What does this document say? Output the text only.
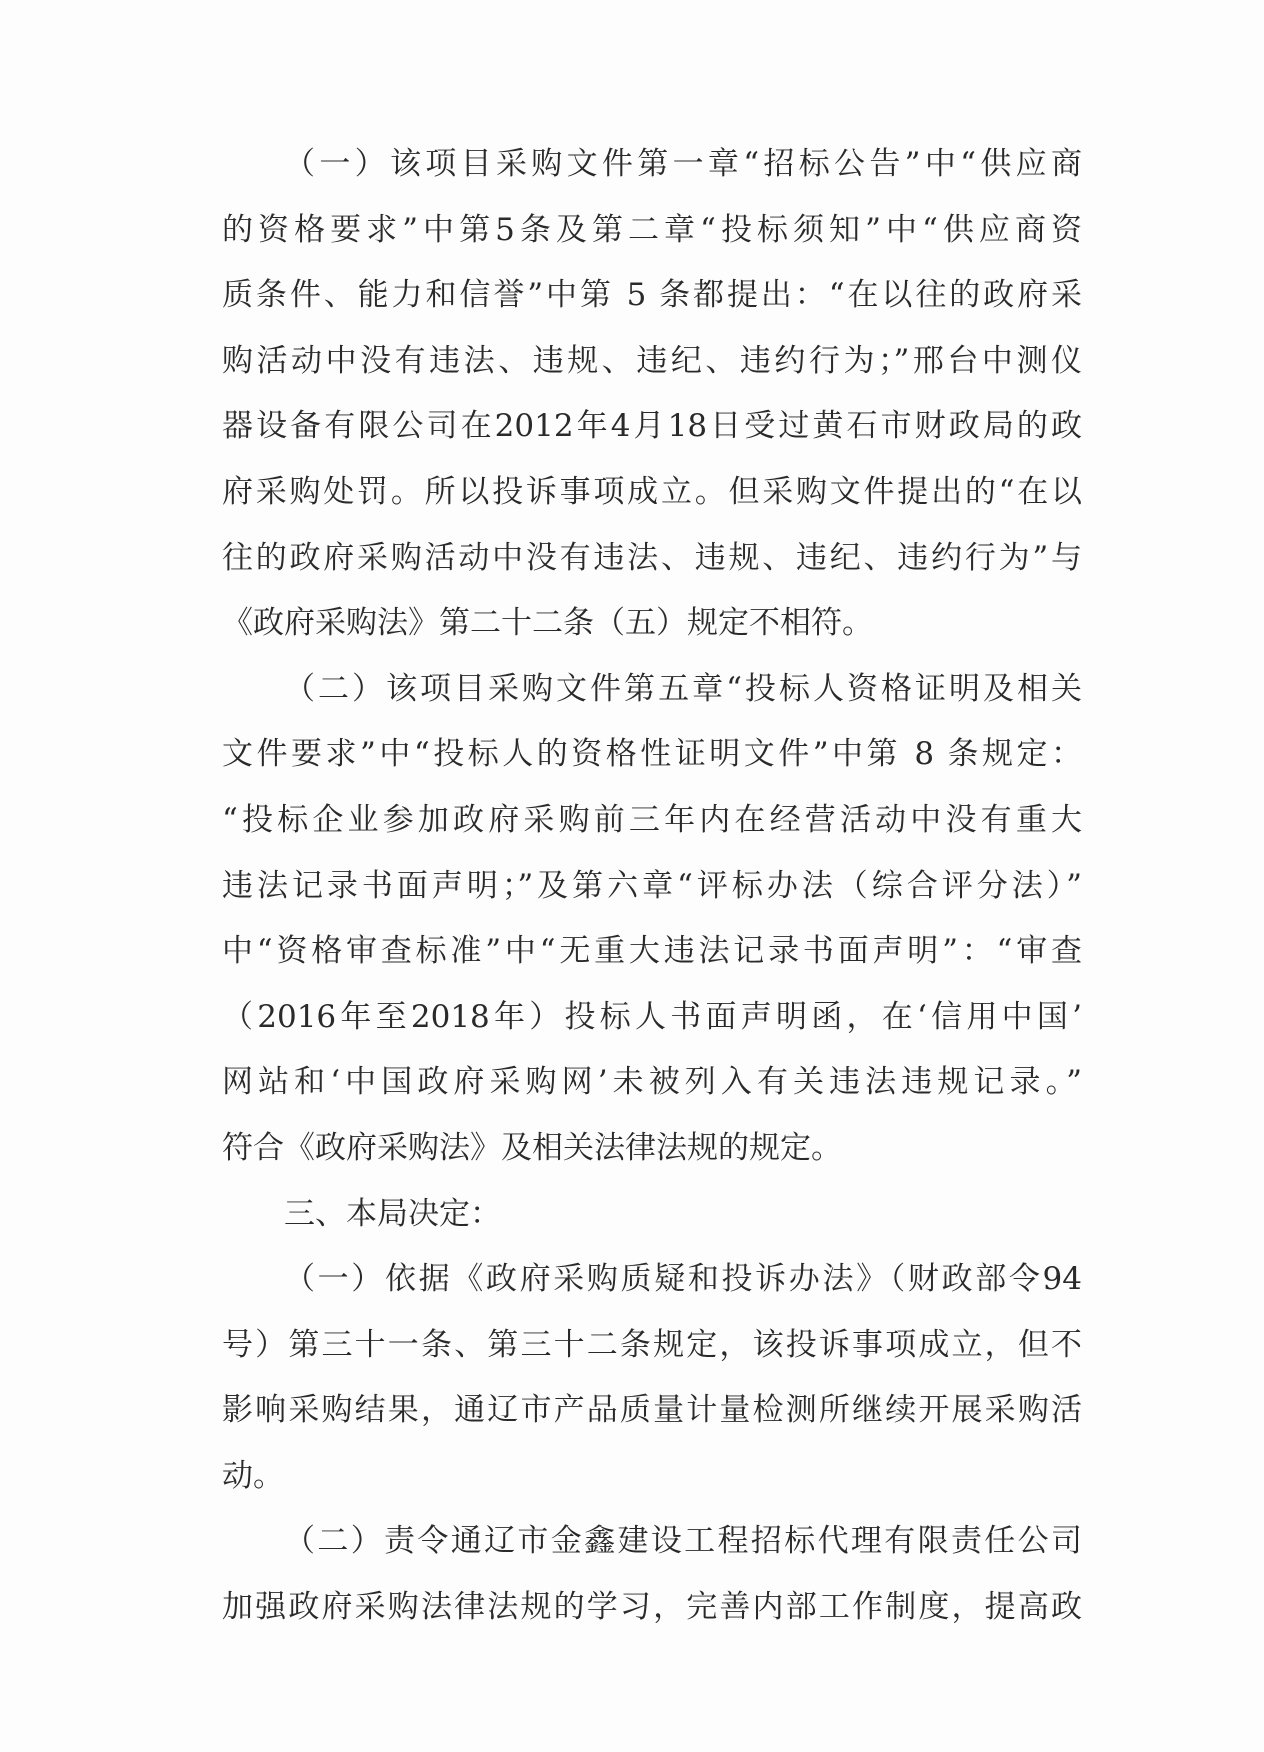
（一）该项目采购文件第一章“招标公告”中“供应商
的资格要求”中第5条及第二章“投标须知”中“供应商资
质条件、能力和信誉”中第 5 条都提出：“在以往的政府采
购活动中没有违法、违规、违纪、违约行为；”邢台中测仪
器设备有限公司在2012年4月18日受过黄石市财政局的政
府采购处罚。所以投诉事项成立。但采购文件提出的“在以
往的政府采购活动中没有违法、违规、违纪、违约行为”与
《政府采购法》第二十二条（五）规定不相符。
（二）该项目采购文件第五章“投标人资格证明及相关
文件要求”中“投标人的资格性证明文件”中第 8 条规定：
“投标企业参加政府采购前三年内在经营活动中没有重大
违法记录书面声明；”及第六章“评标办法（综合评分法）”
中“资格审查标准”中“无重大违法记录书面声明”：“审查
（2016年至2018年）投标人书面声明函，在‘信用中国’
网站和‘中国政府采购网’未被列入有关违法违规记录。”
符合《政府采购法》及相关法律法规的规定。
三、本局决定：
（一）依据《政府采购质疑和投诉办法》（财政部令94
号）第三十一条、第三十二条规定，该投诉事项成立，但不
影响采购结果，通辽市产品质量计量检测所继续开展采购活
动。
（二）责令通辽市金鑫建设工程招标代理有限责任公司
加强政府采购法律法规的学习，完善内部工作制度，提高政
